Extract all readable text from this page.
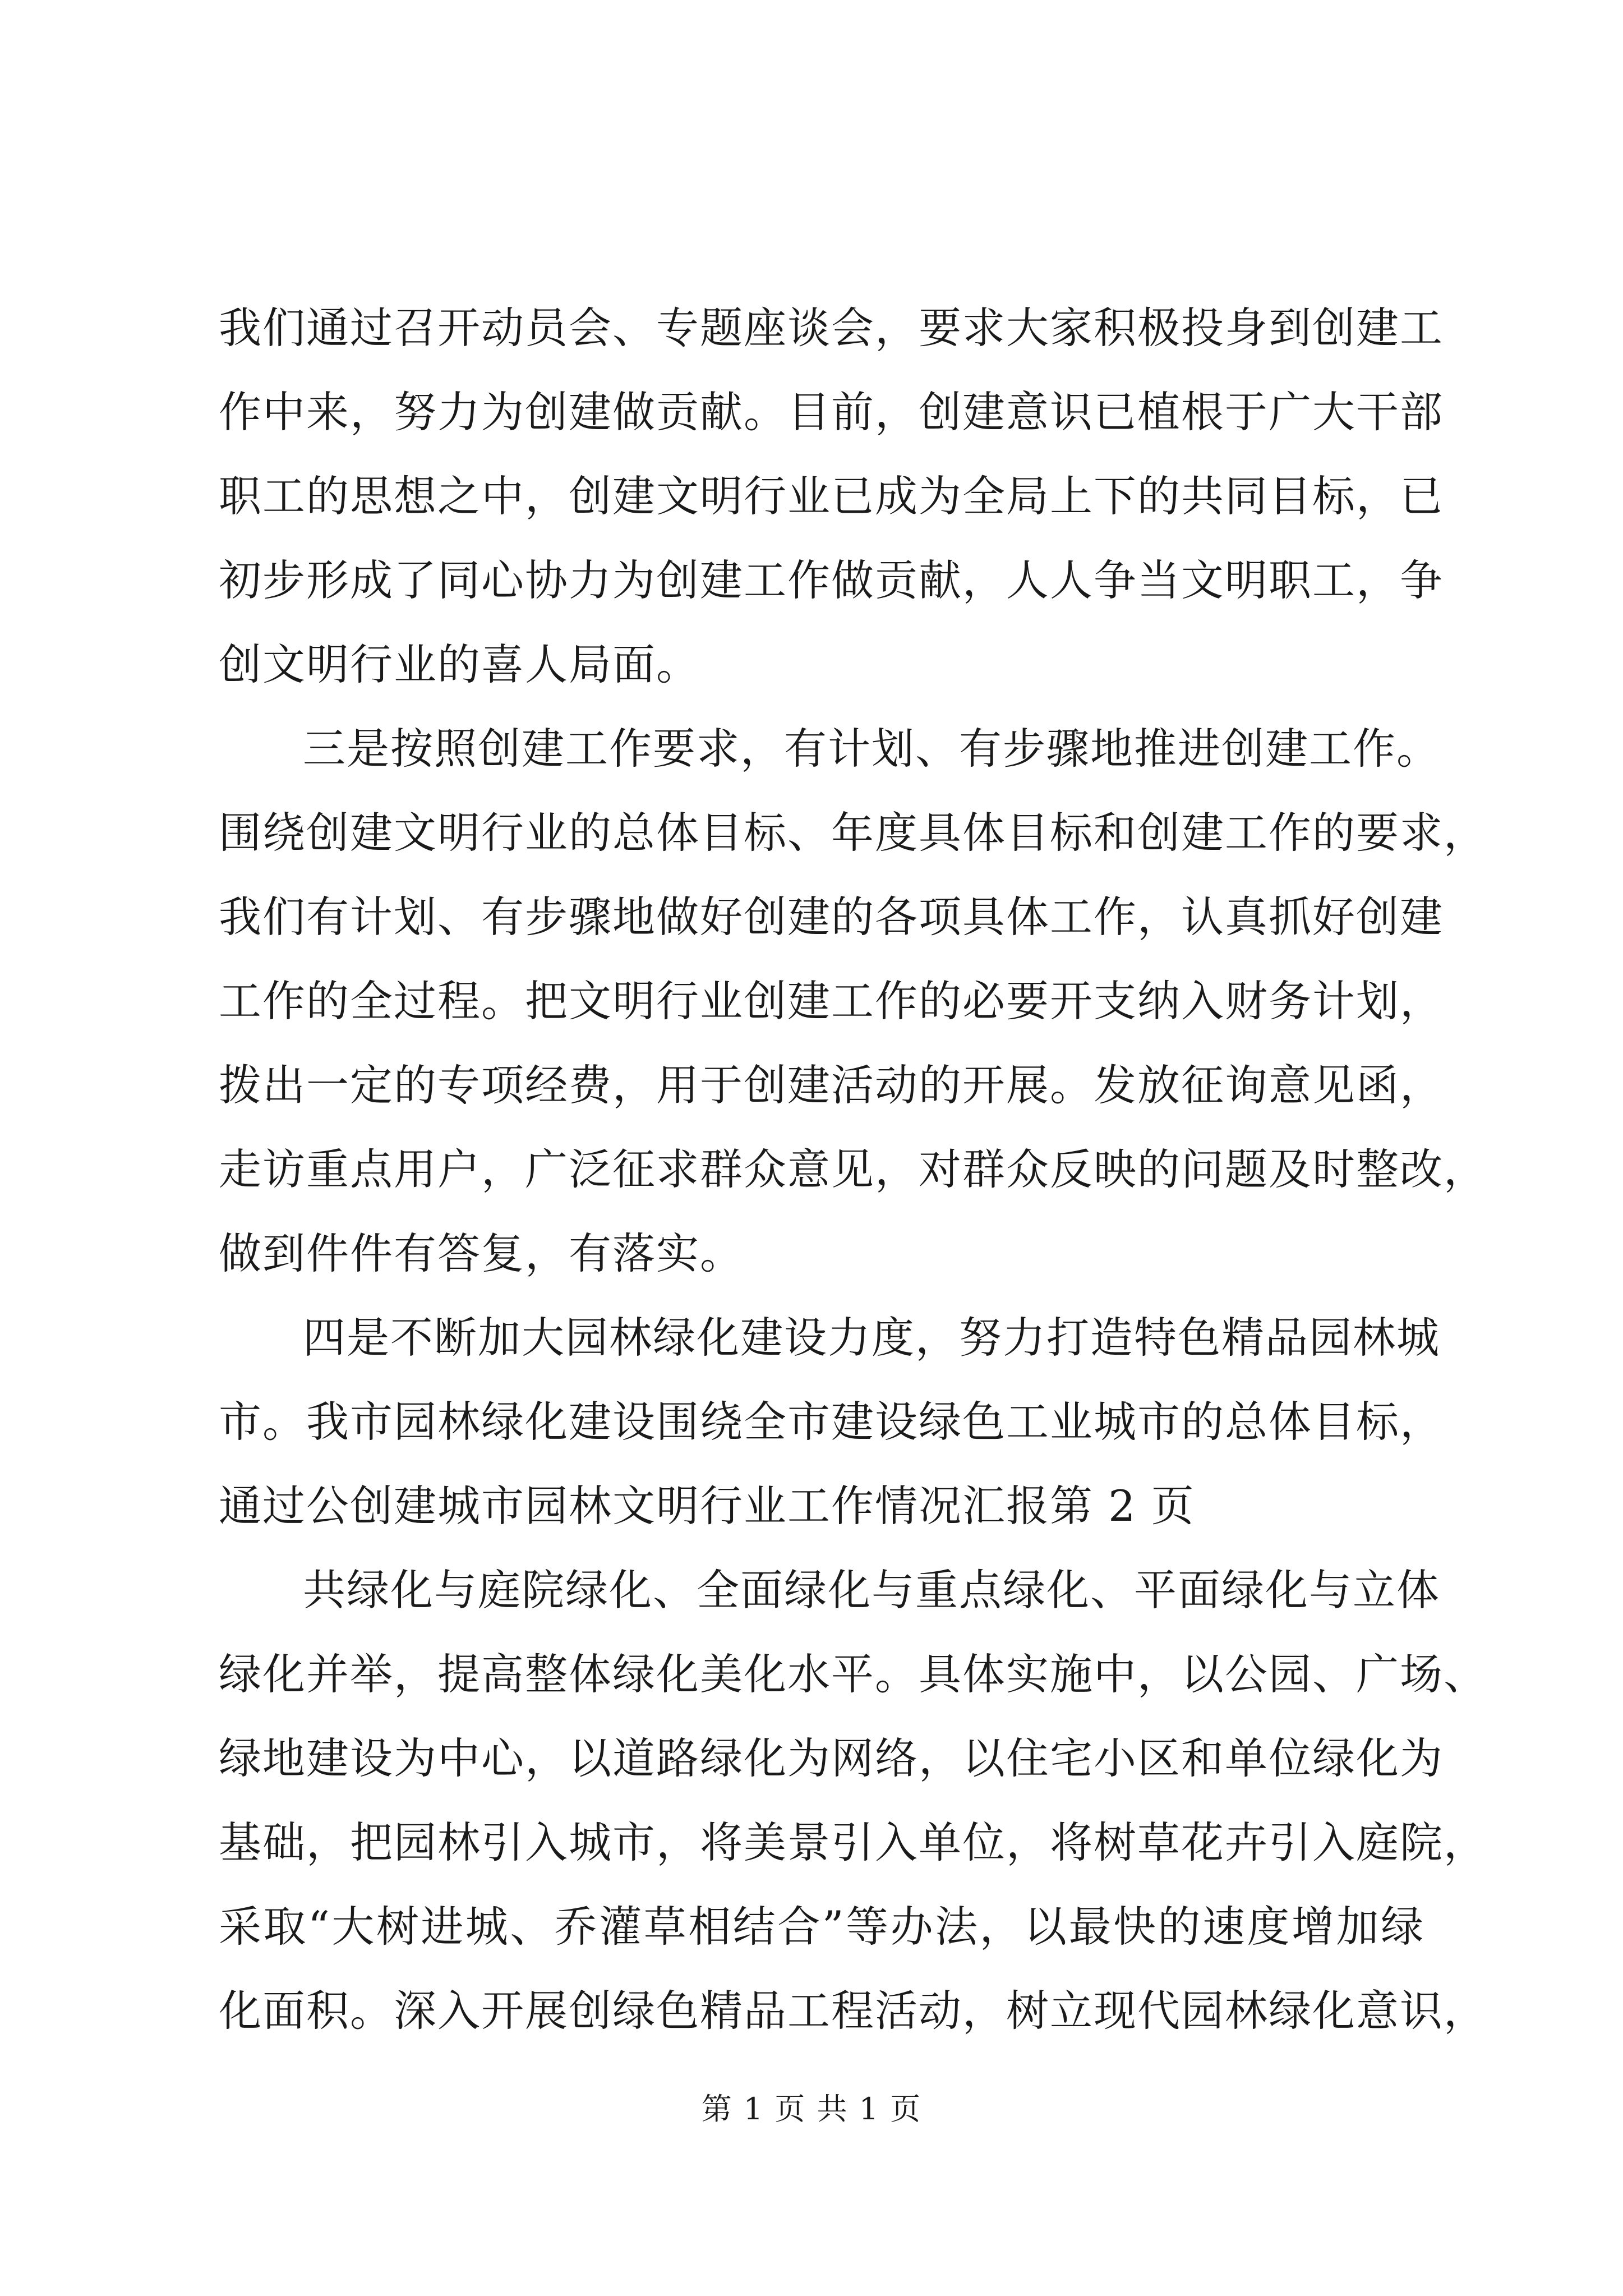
我们通过召开动员会、专题座谈会，要求大家积极投身到创建工
作中来，努力为创建做贡献。目前，创建意识已植根于广大干部
职工的思想之中，创建文明行业已成为全局上下的共同目标，已
初步形成了同心协力为创建工作做贡献，人人争当文明职工，争
创文明行业的喜人局面。
三是按照创建工作要求，有计划、有步骤地推进创建工作。
围绕创建文明行业的总体目标、年度具体目标和创建工作的要求，
我们有计划、有步骤地做好创建的各项具体工作，认真抓好创建
工作的全过程。把文明行业创建工作的必要开支纳入财务计划，
拨出一定的专项经费，用于创建活动的开展。发放征询意见函，
走访重点用户，广泛征求群众意见，对群众反映的问题及时整改，
做到件件有答复，有落实。
四是不断加大园林绿化建设力度，努力打造特色精品园林城
市。我市园林绿化建设围绕全市建设绿色工业城市的总体目标，
通过公创建城市园林文明行业工作情况汇报第 2 页
共绿化与庭院绿化、全面绿化与重点绿化、平面绿化与立体
绿化并举，提高整体绿化美化水平。具体实施中，以公园、广场、
绿地建设为中心，以道路绿化为网络，以住宅小区和单位绿化为
基础，把园林引入城市，将美景引入单位，将树草花卉引入庭院，
采取“大树进城、乔灌草相结合”等办法，以最快的速度增加绿
化面积。深入开展创绿色精品工程活动，树立现代园林绿化意识，
第 1 页 共 1 页
